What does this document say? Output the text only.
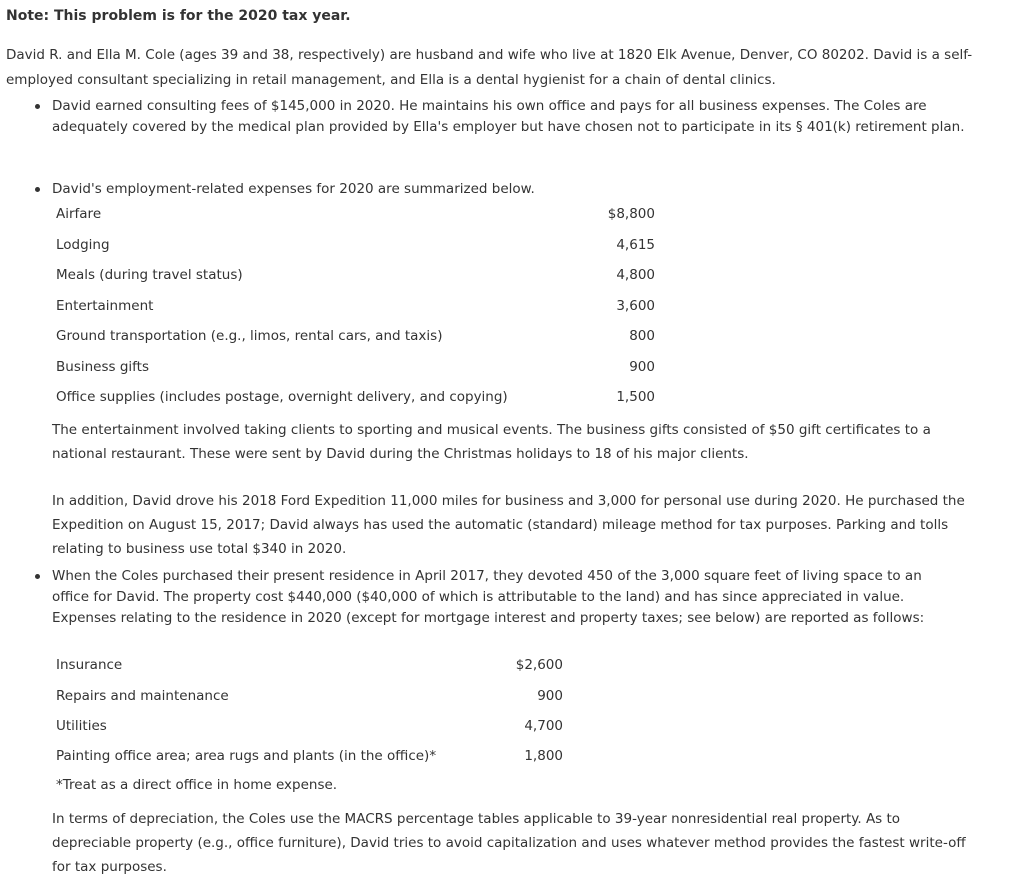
Note: This problem is for the 2020 tax year.
David R. and Ella M. Cole (ages 39 and 38, respectively) are husband and wife who live at 1820 Elk Avenue, Denver, CO 80202. David is a self-employed consultant specializing in retail management, and Ella is a dental hygienist for a chain of dental clinics.
David earned consulting fees of $145,000 in 2020. He maintains his own office and pays for all business expenses. The Coles are adequately covered by the medical plan provided by Ella's employer but have chosen not to participate in its § 401(k) retirement plan.
David's employment-related expenses for 2020 are summarized below.
Airfare	$8,800
Lodging	4,615
Meals (during travel status)	4,800
Entertainment	3,600
Ground transportation (e.g., limos, rental cars, and taxis)	800
Business gifts	900
Office supplies (includes postage, overnight delivery, and copying)	1,500
The entertainment involved taking clients to sporting and musical events. The business gifts consisted of $50 gift certificates to a national restaurant. These were sent by David during the Christmas holidays to 18 of his major clients.
In addition, David drove his 2018 Ford Expedition 11,000 miles for business and 3,000 for personal use during 2020. He purchased the Expedition on August 15, 2017; David always has used the automatic (standard) mileage method for tax purposes. Parking and tolls relating to business use total $340 in 2020.
When the Coles purchased their present residence in April 2017, they devoted 450 of the 3,000 square feet of living space to an office for David. The property cost $440,000 ($40,000 of which is attributable to the land) and has since appreciated in value. Expenses relating to the residence in 2020 (except for mortgage interest and property taxes; see below) are reported as follows:
Insurance	$2,600
Repairs and maintenance	900
Utilities	4,700
Painting office area; area rugs and plants (in the office)*	1,800
*Treat as a direct office in home expense.
In terms of depreciation, the Coles use the MACRS percentage tables applicable to 39-year nonresidential real property. As to depreciable property (e.g., office furniture), David tries to avoid capitalization and uses whatever method provides the fastest write-off for tax purposes.
